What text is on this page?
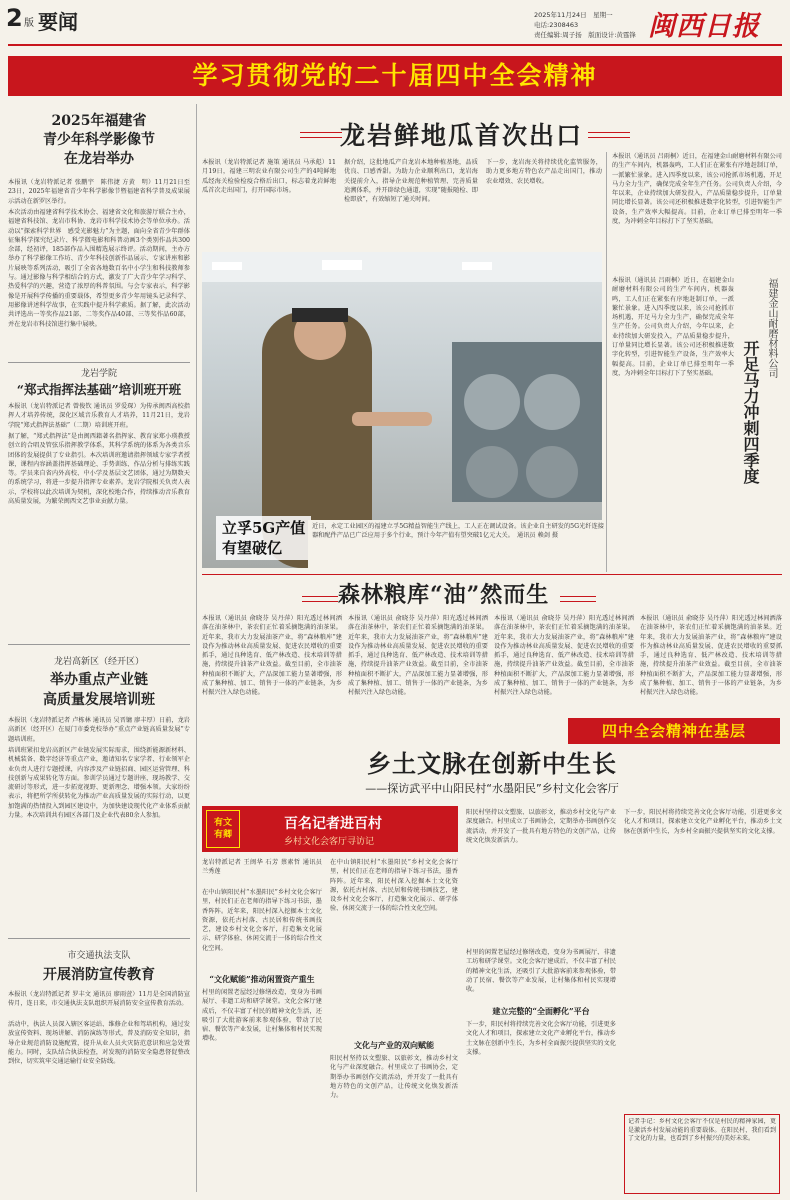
2 版 要闻	2025年11月24日　星期一
电话:2308463
责任编辑:周子扬　版面设计:黄霆锋 闽西日报
学习贯彻党的二十届四中全会精神
2025年福建省
青少年科学影像节
在龙岩举办
本报讯（龙岩特派记者 张鹏宇　陈伟捷 方黄　明）11月21日至23日，2025年福建省青少年科学影像节暨福建省科学普及成果展示活动在新罗区举行。
本次活动由福建省科学技术协会、福建省文化和旅游厅联合主办，福建省科技馆、龙岩市科协、龙岩市科学技术协会等单位承办。活动以“探索科学世界　感受光影魅力”为主题，面向全省青少年群体征集科学探究纪录片、科学微电影和科普动画3个类别作品共300余部，经初评，185部作品入围精选展示终评。活动期间，主办方举办了科学影像工作坊、青少年科技创新作品展示、专家讲座和影片展映等系列活动，吸引了全省各地数百名中小学生和科技教师参与。通过影像与科学相结合的方式，激发了广大青少年学习科学、热爱科学的兴趣，营造了浓厚的科普氛围。与会专家表示，科学影像是开展科学传播的重要载体，希望更多青少年用镜头记录科学、用影像讲述科学故事，在实践中提升科学素质。据了解，此次活动共评选出一等奖作品21部、二等奖作品40部、三等奖作品60部，并在龙岩市科技馆进行集中展映。
龙岩学院
“郑式指挥法基础”培训班开班
本报讯（龙岩特派记者 曾俊钦 通讯员 罗爱琛）为传承闽西高校指挥人才培养传统，深化区域音乐教育人才培养，11月21日，龙岩学院“郑式指挥法基础”（二期）培训班开班。
据了解，“郑式指挥法”是由闽西籍著名指挥家、教育家郑小瑛教授创立的合唱及管弦乐指挥教学体系，其科学系统的体系为各类音乐团体的发展提供了专业指引。本次培训班邀请指挥领域专家学者授课，课程内容涵盖指挥基础理论、手势训练、作品分析与排练实践等。学员来自省内外高校、中小学及基层文艺团体，通过为期数天的系统学习，将进一步提升指挥专业素养。龙岩学院相关负责人表示，学校将以此次培训为契机，深化校地合作，持续推动音乐教育高质量发展，为繁荣闽西文艺事业贡献力量。
龙岩高新区（经开区）
举办重点产业链
高质量发展培训班
本报讯（龙岩特派记者 卢栋林 通讯员 吴晋镛 廖丰厚）日前，龙岩高新区（经开区）在厦门市委党校举办“重点产业链高质量发展”专题培训班。
培训班紧扣龙岩高新区产业链发展实际需求，围绕新能源新材料、机械装备、数字经济等重点产业，邀请知名专家学者、行业领军企业负责人进行专题授课，内容涉及产业链招商、园区运营管理、科技创新与成果转化等方面。参训学员通过专题讲座、现场教学、交流研讨等形式，进一步拓宽视野、更新理念、增强本领。大家纷纷表示，将把所学所获转化为推动产业高质量发展的实际行动，以更加饱满的热情投入到园区建设中，为加快建设现代化产业体系贡献力量。本次培训共有园区各部门及企业代表80余人参加。
市交通执法支队
开展消防宣传教育
本报讯（龙岩特派记者 罗丰文 通讯员 廖雨萱）11月是全国消防宣传月，连日来，市交通执法支队组织开展消防安全宣传教育活动。
活动中，执法人员深入辖区客运站、维修企业和驾培机构，通过发放宣传资料、现场讲解、消防演练等形式，普及消防安全知识，指导企业规范消防设施配置，提升从业人员火灾防范意识和应急处置能力。同时，支队结合执法检查，对发现的消防安全隐患督促整改到位，切实筑牢交通运输行业安全防线。
龙岩鲜地瓜首次出口
本报讯（龙岩特派记者 施策 通讯员 马承彪）11月19日，福建三明农业有限公司生产的4吨鲜地瓜经海关检验检疫合格后出口，标志着龙岩鲜地瓜首次走出国门，打开国际市场。
据介绍，这批地瓜产自龙岩本地种植基地，品质优良、口感香甜。为助力企业顺利出口，龙岩海关提前介入，指导企业规范种植管理、完善质量追溯体系，并开辟绿色通道，实现“随报随检、即检即放”，有效缩短了通关时间。
下一步，龙岩海关将持续优化监管服务，助力更多地方特色农产品走出国门，推动农业增效、农民增收。
立孚5G产值
有望破亿
近日，永定工业园区的福建立孚5G精益智能生产线上，工人正在调试设备。该企业自主研发的5G光纤连接器和配件产品已广泛应用于多个行业，预计今年产值有望突破1亿元大关。　通讯员 赖剑 摄
本报讯（通讯员 吕雨桐）近日，在福建金山耐磨材料有限公司的生产车间内，机器轰鸣，工人们正在紧张有序地赶制订单，一派繁忙景象。进入四季度以来，该公司抢抓市场机遇，开足马力全力生产，确保完成全年生产任务。公司负责人介绍，今年以来，企业持续加大研发投入，产品质量稳步提升，订单量同比增长显著。该公司还积极推进数字化转型，引进智能生产设备，生产效率大幅提高。目前，企业订单已排至明年一季度，为冲刺全年目标打下了坚实基础。
本报讯（通讯员 吕雨桐）近日，在福建金山耐磨材料有限公司的生产车间内，机器轰鸣，工人们正在紧张有序地赶制订单，一派繁忙景象。进入四季度以来，该公司抢抓市场机遇，开足马力全力生产，确保完成全年生产任务。公司负责人介绍，今年以来，企业持续加大研发投入，产品质量稳步提升，订单量同比增长显著。该公司还积极推进数字化转型，引进智能生产设备，生产效率大幅提高。目前，企业订单已排至明年一季度，为冲刺全年目标打下了坚实基础。	开足马力冲刺四季度
福建金山耐磨材料公司
森林粮库“油”然而生
本报讯（通讯员 俞晓芬 吴丹萍）阳光透过林间洒落在油茶林中，茶农们正忙着采摘饱满的油茶果。近年来，我市大力发展油茶产业，将“森林粮库”建设作为推动林业高质量发展、促进农民增收的重要抓手，通过良种选育、低产林改造、技术培训等措施，持续提升油茶产业效益。截至目前，全市油茶种植面积不断扩大，产品深加工能力显著增强，形成了集种植、加工、销售于一体的产业链条，为乡村振兴注入绿色动能。
本报讯（通讯员 俞晓芬 吴丹萍）阳光透过林间洒落在油茶林中，茶农们正忙着采摘饱满的油茶果。近年来，我市大力发展油茶产业，将“森林粮库”建设作为推动林业高质量发展、促进农民增收的重要抓手，通过良种选育、低产林改造、技术培训等措施，持续提升油茶产业效益。截至目前，全市油茶种植面积不断扩大，产品深加工能力显著增强，形成了集种植、加工、销售于一体的产业链条，为乡村振兴注入绿色动能。
本报讯（通讯员 俞晓芬 吴丹萍）阳光透过林间洒落在油茶林中，茶农们正忙着采摘饱满的油茶果。近年来，我市大力发展油茶产业，将“森林粮库”建设作为推动林业高质量发展、促进农民增收的重要抓手，通过良种选育、低产林改造、技术培训等措施，持续提升油茶产业效益。截至目前，全市油茶种植面积不断扩大，产品深加工能力显著增强，形成了集种植、加工、销售于一体的产业链条，为乡村振兴注入绿色动能。
本报讯（通讯员 俞晓芬 吴丹萍）阳光透过林间洒落在油茶林中，茶农们正忙着采摘饱满的油茶果。近年来，我市大力发展油茶产业，将“森林粮库”建设作为推动林业高质量发展、促进农民增收的重要抓手，通过良种选育、低产林改造、技术培训等措施，持续提升油茶产业效益。截至目前，全市油茶种植面积不断扩大，产品深加工能力显著增强，形成了集种植、加工、销售于一体的产业链条，为乡村振兴注入绿色动能。
四中全会精神在基层
乡土文脉在创新中生长
——探访武平中山阳民村“水墨阳民”乡村文化会客厅
有文
有卿
百名记者进百村
乡村文化会客厅寻访记
龙岩特派记者 王闽华 石芳 蔡素哲 通讯员 兰秀莲
在中山镇阳民村“水墨阳民”乡村文化会客厅里，村民们正在老师的指导下练习书法，墨香阵阵。近年来，阳民村深入挖掘本土文化资源，依托古村落、古民居和传统书画技艺，建设乡村文化会客厅，打造集文化展示、研学体验、休闲交流于一体的综合性文化空间。
“文化赋能”推动闲置资产重生
村里的闲置老屋经过修缮改造，变身为书画展厅、非遗工坊和研学课堂。文化会客厅建成后，不仅丰富了村民的精神文化生活，还吸引了大批游客前来参观体验，带动了民宿、餐饮等产业发展，让村集体和村民实现增收。
在中山镇阳民村“水墨阳民”乡村文化会客厅里，村民们正在老师的指导下练习书法，墨香阵阵。近年来，阳民村深入挖掘本土文化资源，依托古村落、古民居和传统书画技艺，建设乡村文化会客厅，打造集文化展示、研学体验、休闲交流于一体的综合性文化空间。
文化与产业的双向赋能
阳民村坚持以文塑旅、以旅彰文，推动乡村文化与产业深度融合。村里成立了书画协会，定期举办书画创作交流活动，并开发了一批具有地方特色的文创产品，让传统文化焕发新活力。
阳民村坚持以文塑旅、以旅彰文，推动乡村文化与产业深度融合。村里成立了书画协会，定期举办书画创作交流活动，并开发了一批具有地方特色的文创产品，让传统文化焕发新活力。
建立完整的“全面孵化”平台
村里的闲置老屋经过修缮改造，变身为书画展厅、非遗工坊和研学课堂。文化会客厅建成后，不仅丰富了村民的精神文化生活，还吸引了大批游客前来参观体验，带动了民宿、餐饮等产业发展，让村集体和村民实现增收。
下一步，阳民村将持续完善文化会客厅功能，引进更多文化人才和项目，探索建立文化产业孵化平台，推动乡土文脉在创新中生长，为乡村全面振兴提供坚实的文化支撑。
下一步，阳民村将持续完善文化会客厅功能，引进更多文化人才和项目，探索建立文化产业孵化平台，推动乡土文脉在创新中生长，为乡村全面振兴提供坚实的文化支撑。
记者手记：乡村文化会客厅不仅是村民的精神家园，更是激活乡村发展动能的重要载体。在阳民村，我们看到了文化的力量，也看到了乡村振兴的美好未来。
